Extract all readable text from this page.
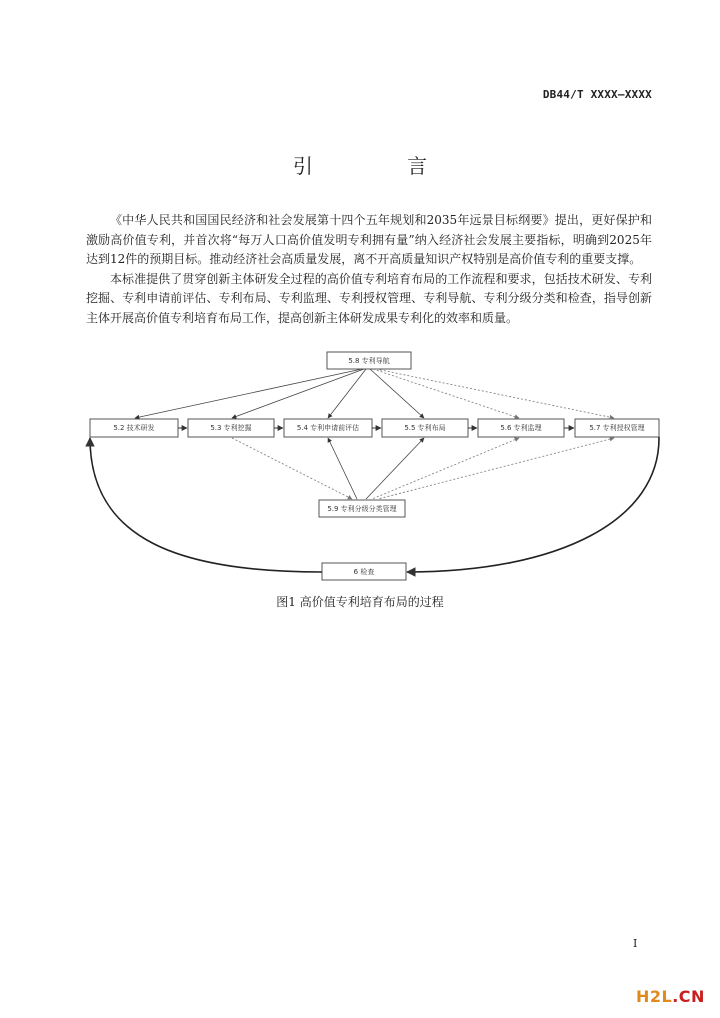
DB44/T XXXX—XXXX
引 言

《中华人民共和国国民经济和社会发展第十四个五年规划和2035年远景目标纲要》提出，更好保护和激励高价值专利，并首次将“每万人口高价值发明专利拥有量”纳入经济社会发展主要指标，明确到2025年达到12件的预期目标。推动经济社会高质量发展，离不开高质量知识产权特别是高价值专利的重要支撑。

本标准提供了贯穿创新主体研发全过程的高价值专利培育布局的工作流程和要求，包括技术研发、专利挖掘、专利申请前评估、专利布局、专利监理、专利授权管理、专利导航、专利分级分类和检查，指导创新主体开展高价值专利培育布局工作，提高创新主体研发成果专利化的效率和质量。

5.8 专利导航
5.2 技术研发	5.3 专利挖掘	5.4 专利申请前评估	5.5 专利布局	5.6 专利监理	5.7 专利授权管理
5.9 专利分级分类管理
6 检查
图1 高价值专利培育布局的过程
I
H2L.CN
